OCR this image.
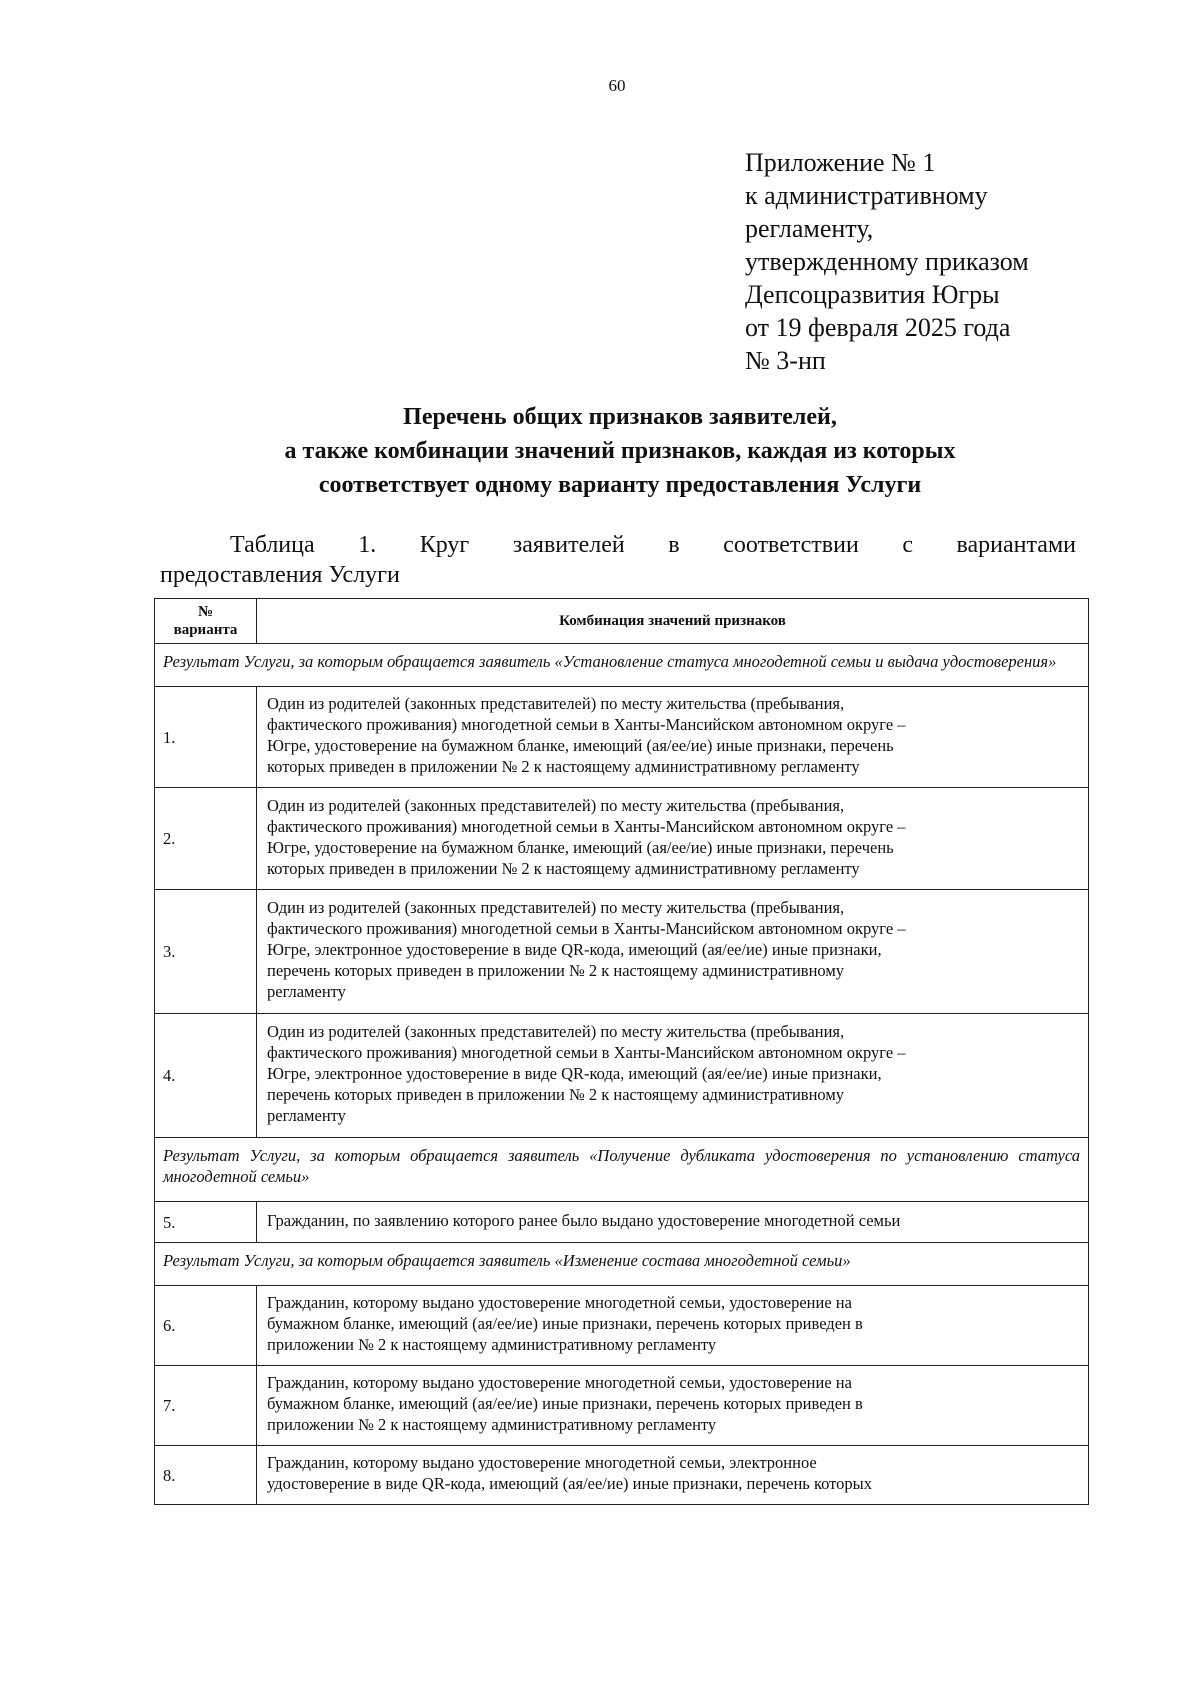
60
Приложение № 1
к административному
регламенту,
утвержденному приказом
Депсоцразвития Югры
от 19 февраля 2025 года
№ 3-нп
Перечень общих признаков заявителей,
а также комбинации значений признаков, каждая из которых
соответствует одному варианту предоставления Услуги
Таблица 1. Круг заявителей в соответствии с вариантами
предоставления Услуги
№
варианта	Комбинация значений признаков
Результат Услуги, за которым обращается заявитель «Установление статуса многодетной семьи и выдача удостоверения»	
1.	Один из родителей (законных представителей) по месту жительства (пребывания,
фактического проживания) многодетной семьи в Ханты-Мансийском автономном округе –
Югре, удостоверение на бумажном бланке, имеющий (ая/ее/ие) иные признаки, перечень
которых приведен в приложении № 2 к настоящему административному регламенту

2.	Один из родителей (законных представителей) по месту жительства (пребывания,
фактического проживания) многодетной семьи в Ханты-Мансийском автономном округе –
Югре, удостоверение на бумажном бланке, имеющий (ая/ее/ие) иные признаки, перечень
которых приведен в приложении № 2 к настоящему административному регламенту

3.	Один из родителей (законных представителей) по месту жительства (пребывания,
фактического проживания) многодетной семьи в Ханты-Мансийском автономном округе –
Югре, электронное удостоверение в виде QR-кода, имеющий (ая/ее/ие) иные признаки,
перечень которых приведен в приложении № 2 к настоящему административному
регламенту

4.	Один из родителей (законных представителей) по месту жительства (пребывания,
фактического проживания) многодетной семьи в Ханты-Мансийском автономном округе –
Югре, электронное удостоверение в виде QR-кода, имеющий (ая/ее/ие) иные признаки,
перечень которых приведен в приложении № 2 к настоящему административному
регламенту

Результат Услуги, за которым обращается заявитель «Получение дубликата удостоверения по установлению статуса многодетной семьи»	
5.	Гражданин, по заявлению которого ранее было выдано удостоверение многодетной семьи

Результат Услуги, за которым обращается заявитель «Изменение состава многодетной семьи»	
6.	Гражданин, которому выдано удостоверение многодетной семьи, удостоверение на
бумажном бланке, имеющий (ая/ее/ие) иные признаки, перечень которых приведен в
приложении № 2 к настоящему административному регламенту

7.	Гражданин, которому выдано удостоверение многодетной семьи, удостоверение на
бумажном бланке, имеющий (ая/ее/ие) иные признаки, перечень которых приведен в
приложении № 2 к настоящему административному регламенту

8.	Гражданин, которому выдано удостоверение многодетной семьи, электронное
удостоверение в виде QR-кода, имеющий (ая/ее/ие) иные признаки, перечень которых
